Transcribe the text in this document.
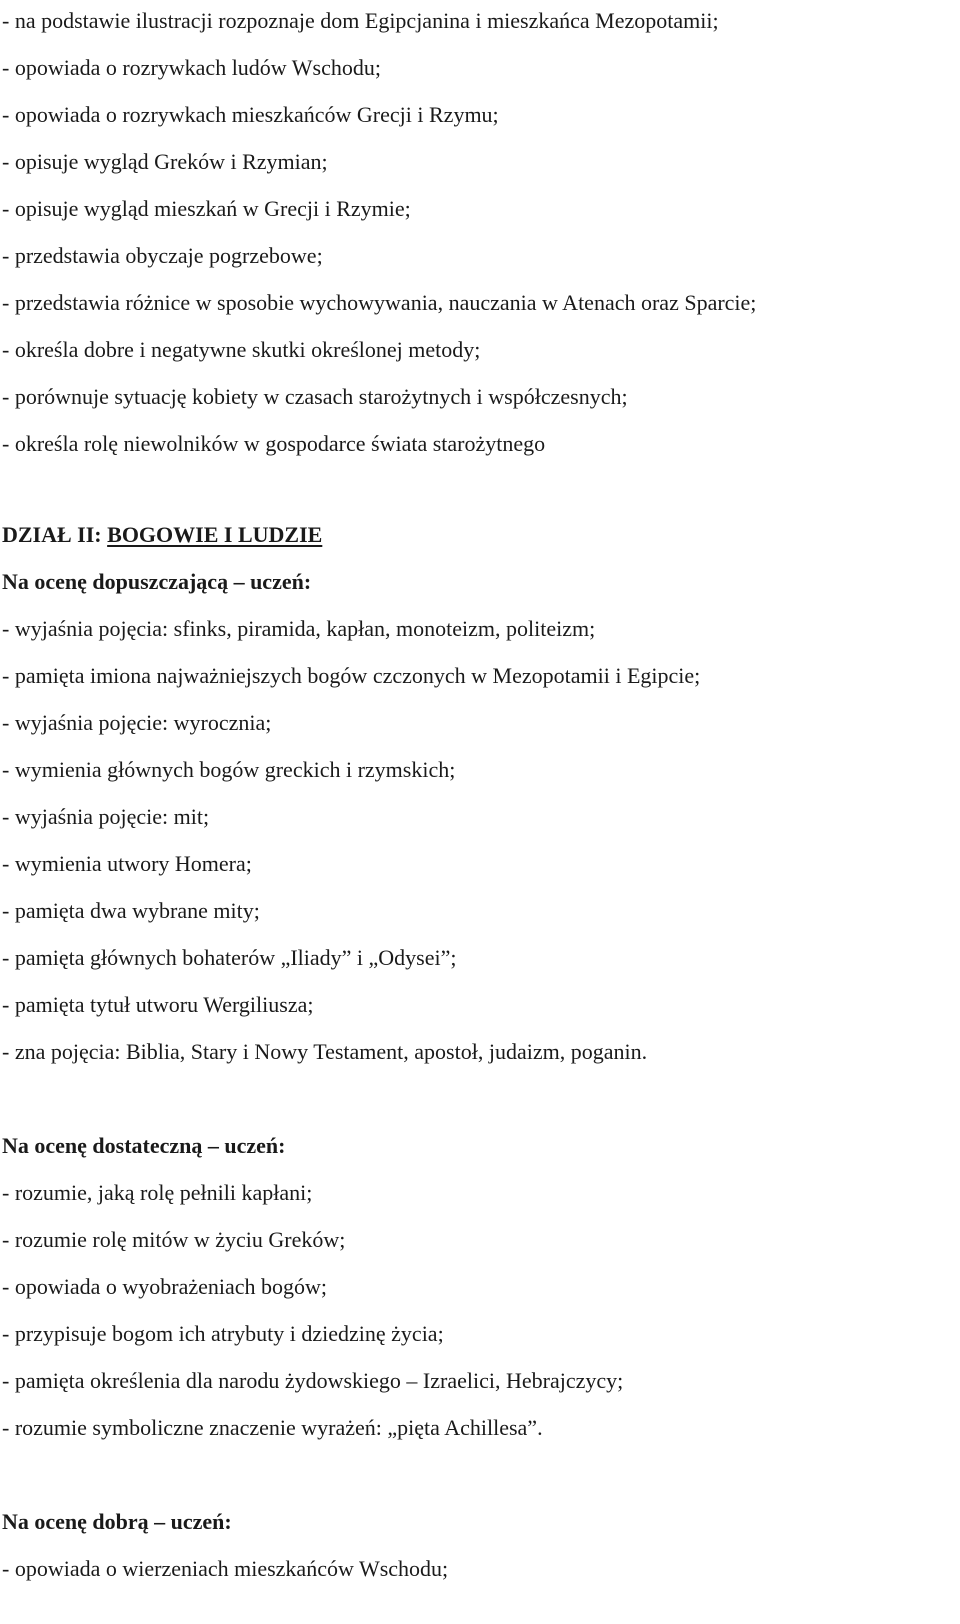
- na podstawie ilustracji rozpoznaje dom Egipcjanina i mieszkańca Mezopotamii;
- opowiada o rozrywkach ludów Wschodu;
- opowiada o rozrywkach mieszkańców Grecji i Rzymu;
- opisuje wygląd Greków i Rzymian;
- opisuje wygląd mieszkań w Grecji i Rzymie;
- przedstawia obyczaje pogrzebowe;
- przedstawia różnice w sposobie wychowywania, nauczania w Atenach oraz Sparcie;
- określa dobre i negatywne skutki określonej metody;
- porównuje sytuację kobiety w czasach starożytnych i współczesnych;
- określa rolę niewolników w gospodarce świata starożytnego
DZIAŁ II: BOGOWIE I LUDZIE
Na ocenę dopuszczającą – uczeń:
- wyjaśnia pojęcia: sfinks, piramida, kapłan, monoteizm, politeizm;
- pamięta imiona najważniejszych bogów czczonych w Mezopotamii i Egipcie;
- wyjaśnia pojęcie: wyrocznia;
- wymienia głównych bogów greckich i rzymskich;
- wyjaśnia pojęcie: mit;
- wymienia utwory Homera;
- pamięta dwa wybrane mity;
- pamięta głównych bohaterów „Iliady” i „Odysei”;
- pamięta tytuł utworu Wergiliusza;
- zna pojęcia: Biblia, Stary i Nowy Testament, apostoł, judaizm, poganin.
Na ocenę dostateczną – uczeń:
- rozumie, jaką rolę pełnili kapłani;
- rozumie rolę mitów w życiu Greków;
- opowiada o wyobrażeniach bogów;
- przypisuje bogom ich atrybuty i dziedzinę życia;
- pamięta określenia dla narodu żydowskiego – Izraelici, Hebrajczycy;
- rozumie symboliczne znaczenie wyrażeń: „pięta Achillesa”.
Na ocenę dobrą – uczeń:
- opowiada o wierzeniach mieszkańców Wschodu;
